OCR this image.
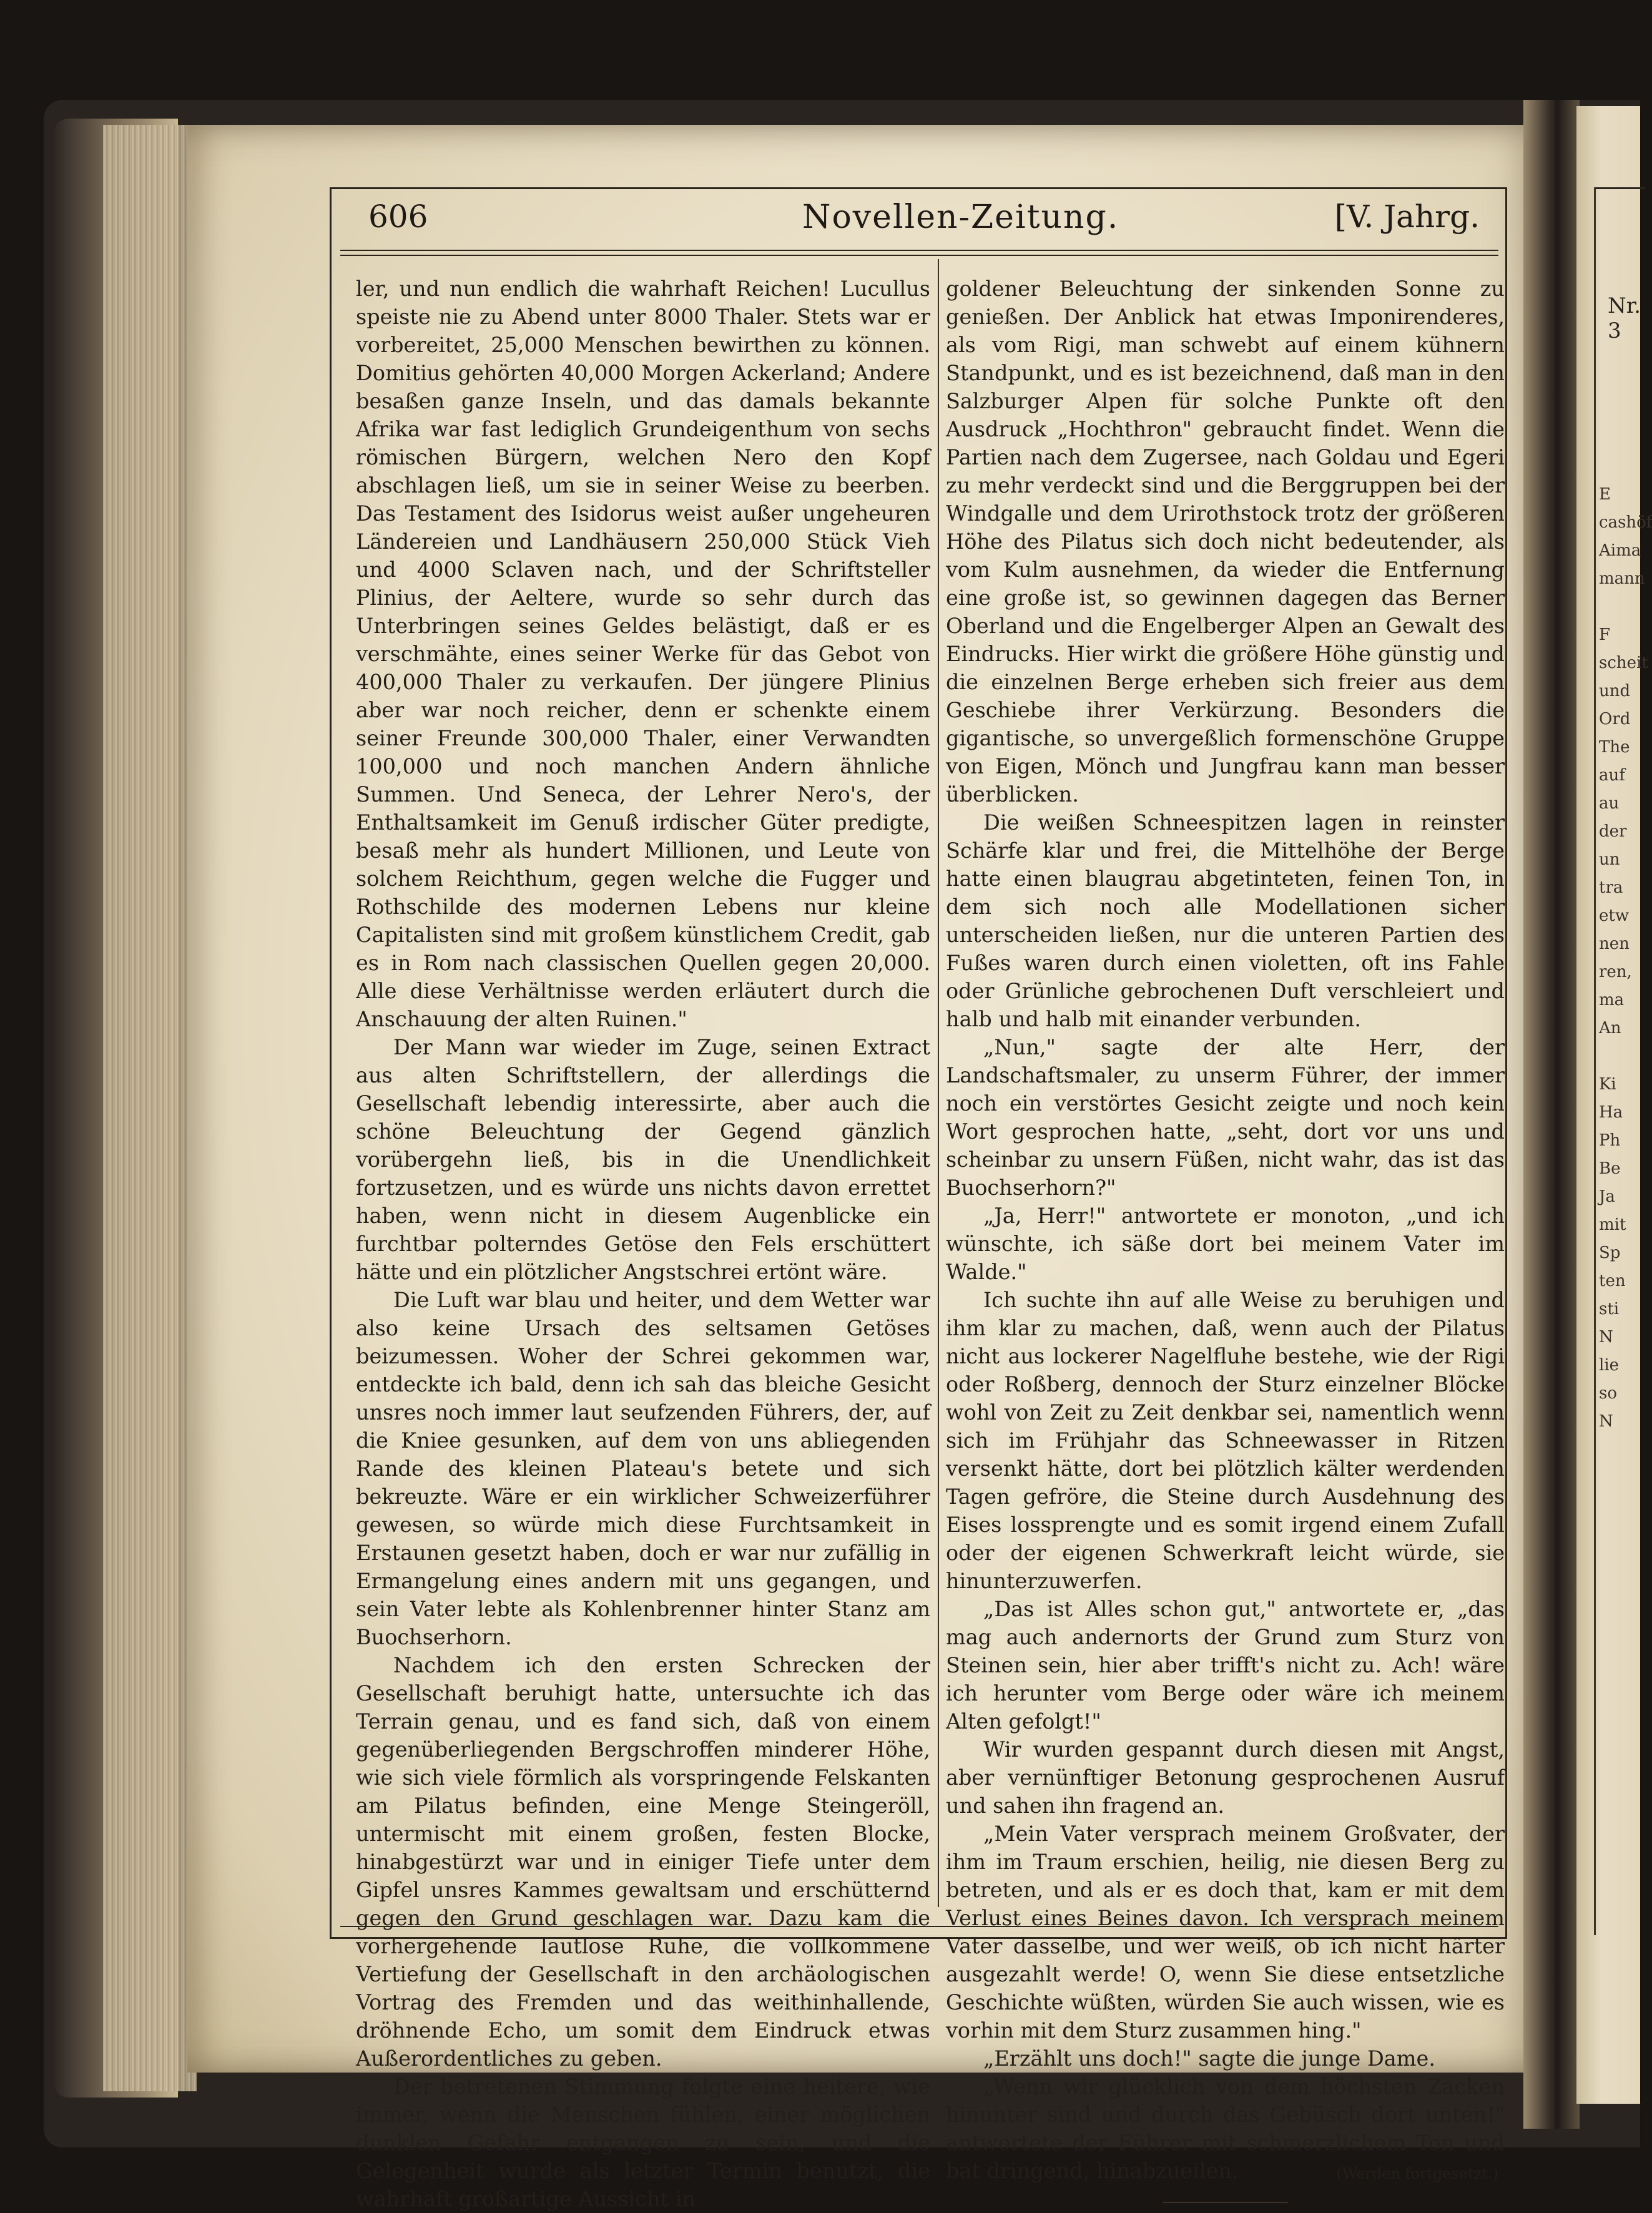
Nr. 3
E
cashöf
Aima
mann

F
scheit
und
Ord
The
auf
au
der
un
tra
etw
nen
ren,
ma
An

Ki
Ha
Ph
Be
Ja
mit
Sp
ten
sti
N
lie
so
N
606	Novellen-Zeitung.	[V. Jahrg.

ler, und nun endlich die wahrhaft Reichen! Lucullus speiste nie zu Abend unter 8000 Thaler. Stets war er vorbereitet, 25,000 Menschen bewirthen zu können. Domitius gehörten 40,000 Morgen Ackerland; Andere besaßen ganze Inseln, und das damals bekannte Afrika war fast lediglich Grundeigenthum von sechs römischen Bürgern, welchen Nero den Kopf abschlagen ließ, um sie in seiner Weise zu beerben. Das Testament des Isidorus weist außer ungeheuren Ländereien und Landhäusern 250,000 Stück Vieh und 4000 Sclaven nach, und der Schriftsteller Plinius, der Aeltere, wurde so sehr durch das Unterbringen seines Geldes belästigt, daß er es verschmähte, eines seiner Werke für das Gebot von 400,000 Thaler zu verkaufen. Der jüngere Plinius aber war noch reicher, denn er schenkte einem seiner Freunde 300,000 Thaler, einer Verwandten 100,000 und noch manchen Andern ähnliche Summen. Und Seneca, der Lehrer Nero's, der Enthaltsamkeit im Genuß irdischer Güter predigte, besaß mehr als hundert Millionen, und Leute von solchem Reichthum, gegen welche die Fugger und Rothschilde des modernen Lebens nur kleine Capitalisten sind mit großem künstlichem Credit, gab es in Rom nach classischen Quellen gegen 20,000. Alle diese Verhältnisse werden erläutert durch die Anschauung der alten Ruinen."

Der Mann war wieder im Zuge, seinen Extract aus alten Schriftstellern, der allerdings die Gesellschaft lebendig interessirte, aber auch die schöne Beleuchtung der Gegend gänzlich vorübergehn ließ, bis in die Unendlichkeit fortzusetzen, und es würde uns nichts davon errettet haben, wenn nicht in diesem Augenblicke ein furchtbar polterndes Getöse den Fels erschüttert hätte und ein plötzlicher Angstschrei ertönt wäre.

Die Luft war blau und heiter, und dem Wetter war also keine Ursach des seltsamen Getöses beizumessen. Woher der Schrei gekommen war, entdeckte ich bald, denn ich sah das bleiche Gesicht unsres noch immer laut seufzenden Führers, der, auf die Kniee gesunken, auf dem von uns abliegenden Rande des kleinen Plateau's betete und sich bekreuzte. Wäre er ein wirklicher Schweizerführer gewesen, so würde mich diese Furchtsamkeit in Erstaunen gesetzt haben, doch er war nur zufällig in Ermangelung eines andern mit uns gegangen, und sein Vater lebte als Kohlenbrenner hinter Stanz am Buochserhorn.

Nachdem ich den ersten Schrecken der Gesellschaft beruhigt hatte, untersuchte ich das Terrain genau, und es fand sich, daß von einem gegenüberliegenden Bergschroffen minderer Höhe, wie sich viele förmlich als vorspringende Felskanten am Pilatus befinden, eine Menge Steingeröll, untermischt mit einem großen, festen Blocke, hinabgestürzt war und in einiger Tiefe unter dem Gipfel unsres Kammes gewaltsam und erschütternd gegen den Grund geschlagen war. Dazu kam die vorhergehende lautlose Ruhe, die vollkommene Vertiefung der Gesellschaft in den archäologischen Vortrag des Fremden und das weithinhallende, dröhnende Echo, um somit dem Eindruck etwas Außerordentliches zu geben.

Der betretenen Stimmung folgte eine heitere, wie immer, wenn die Menschen fühlen, einer möglichen dunklen Gefahr entgangen zu sein, und die Gelegenheit wurde als letzter Termin benutzt, die wahrhaft großartige Aussicht in

goldener Beleuchtung der sinkenden Sonne zu genießen. Der Anblick hat etwas Imponirenderes, als vom Rigi, man schwebt auf einem kühnern Standpunkt, und es ist bezeichnend, daß man in den Salzburger Alpen für solche Punkte oft den Ausdruck „Hochthron" gebraucht findet. Wenn die Partien nach dem Zugersee, nach Goldau und Egeri zu mehr verdeckt sind und die Berggruppen bei der Windgalle und dem Urirothstock trotz der größeren Höhe des Pilatus sich doch nicht bedeutender, als vom Kulm ausnehmen, da wieder die Entfernung eine große ist, so gewinnen dagegen das Berner Oberland und die Engelberger Alpen an Gewalt des Eindrucks. Hier wirkt die größere Höhe günstig und die einzelnen Berge erheben sich freier aus dem Geschiebe ihrer Verkürzung. Besonders die gigantische, so unvergeßlich formenschöne Gruppe von Eigen, Mönch und Jungfrau kann man besser überblicken.

Die weißen Schneespitzen lagen in reinster Schärfe klar und frei, die Mittelhöhe der Berge hatte einen blaugrau abgetinteten, feinen Ton, in dem sich noch alle Modellationen sicher unterscheiden ließen, nur die unteren Partien des Fußes waren durch einen violetten, oft ins Fahle oder Grünliche gebrochenen Duft verschleiert und halb und halb mit einander verbunden.

„Nun," sagte der alte Herr, der Landschaftsmaler, zu unserm Führer, der immer noch ein verstörtes Gesicht zeigte und noch kein Wort gesprochen hatte, „seht, dort vor uns und scheinbar zu unsern Füßen, nicht wahr, das ist das Buochserhorn?"

„Ja, Herr!" antwortete er monoton, „und ich wünschte, ich säße dort bei meinem Vater im Walde."

Ich suchte ihn auf alle Weise zu beruhigen und ihm klar zu machen, daß, wenn auch der Pilatus nicht aus lockerer Nagelfluhe bestehe, wie der Rigi oder Roßberg, dennoch der Sturz einzelner Blöcke wohl von Zeit zu Zeit denkbar sei, namentlich wenn sich im Frühjahr das Schneewasser in Ritzen versenkt hätte, dort bei plötzlich kälter werdenden Tagen gefröre, die Steine durch Ausdehnung des Eises lossprengte und es somit irgend einem Zufall oder der eigenen Schwerkraft leicht würde, sie hinunterzuwerfen.

„Das ist Alles schon gut," antwortete er, „das mag auch andernorts der Grund zum Sturz von Steinen sein, hier aber trifft's nicht zu. Ach! wäre ich herunter vom Berge oder wäre ich meinem Alten gefolgt!"

Wir wurden gespannt durch diesen mit Angst, aber vernünftiger Betonung gesprochenen Ausruf und sahen ihn fragend an.

„Mein Vater versprach meinem Großvater, der ihm im Traum erschien, heilig, nie diesen Berg zu betreten, und als er es doch that, kam er mit dem Verlust eines Beines davon. Ich versprach meinem Vater dasselbe, und wer weiß, ob ich nicht härter ausgezahlt werde! O, wenn Sie diese entsetzliche Geschichte wüßten, würden Sie auch wissen, wie es vorhin mit dem Sturz zusammen hing."

„Erzählt uns doch!" sagte die junge Dame.

„Wenn wir glücklich von dem höchsten Zacken hinunter sind und durch das Gebüsch dort unten!" antwortete der Führer mit schmerzlichem Ton und bat dringend, hinabzueilen.	(Werden fortgesetzt.)
